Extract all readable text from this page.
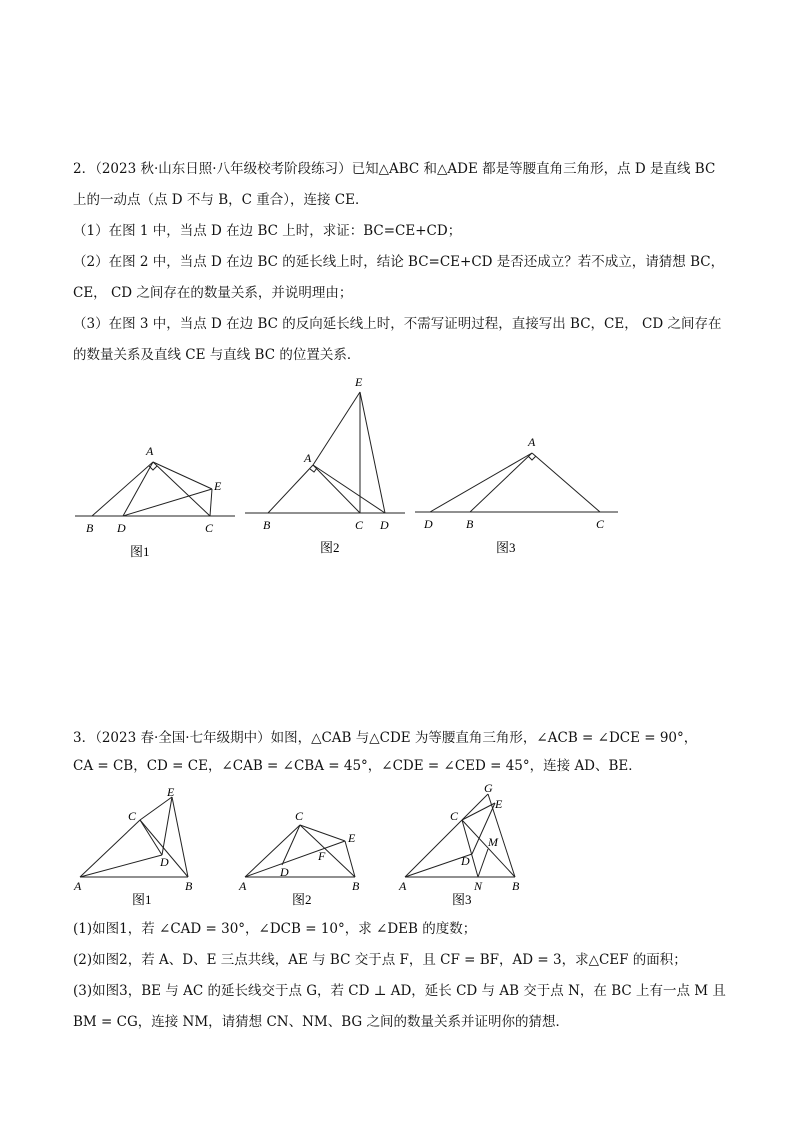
2．（2023 秋·山东日照·八年级校考阶段练习）已知△ABC 和△ADE 都是等腰直角三角形，点 D 是直线 BC
上的一动点（点 D 不与 B，C 重合），连接 CE．
（1）在图 1 中，当点 D 在边 BC 上时，求证：BC=CE+CD；
（2）在图 2 中，当点 D 在边 BC 的延长线上时，结论 BC=CE+CD 是否还成立？若不成立，请猜想 BC，
CE， CD 之间存在的数量关系，并说明理由；
（3）在图 3 中，当点 D 在边 BC 的反向延长线上时，不需写证明过程，直接写出 BC，CE， CD 之间存在
的数量关系及直线 CE 与直线 BC 的位置关系．
A
E
B D	C
图1
E
A
B	C D
图2
A
D	B	C
图3
3．（2023 春·全国·七年级期中）如图，△CAB 与△CDE 为等腰直角三角形，∠ACB = ∠DCE = 90°，
CA = CB，CD = CE，∠CAB = ∠CBA = 45°，∠CDE = ∠CED = 45°，连接 AD、BE．
E
C
D
A	B
图1
C
E
F
D
A	B
图2
G
E
C
M
D
A	N B
图3
(1)如图1，若 ∠CAD = 30°，∠DCB = 10°，求 ∠DEB 的度数；
(2)如图2，若 A、D、E 三点共线，AE 与 BC 交于点 F，且 CF = BF，AD = 3，求△CEF 的面积；
(3)如图3，BE 与 AC 的延长线交于点 G，若 CD ⊥ AD，延长 CD 与 AB 交于点 N，在 BC 上有一点 M 且
BM = CG，连接 NM，请猜想 CN、NM、BG 之间的数量关系并证明你的猜想．
